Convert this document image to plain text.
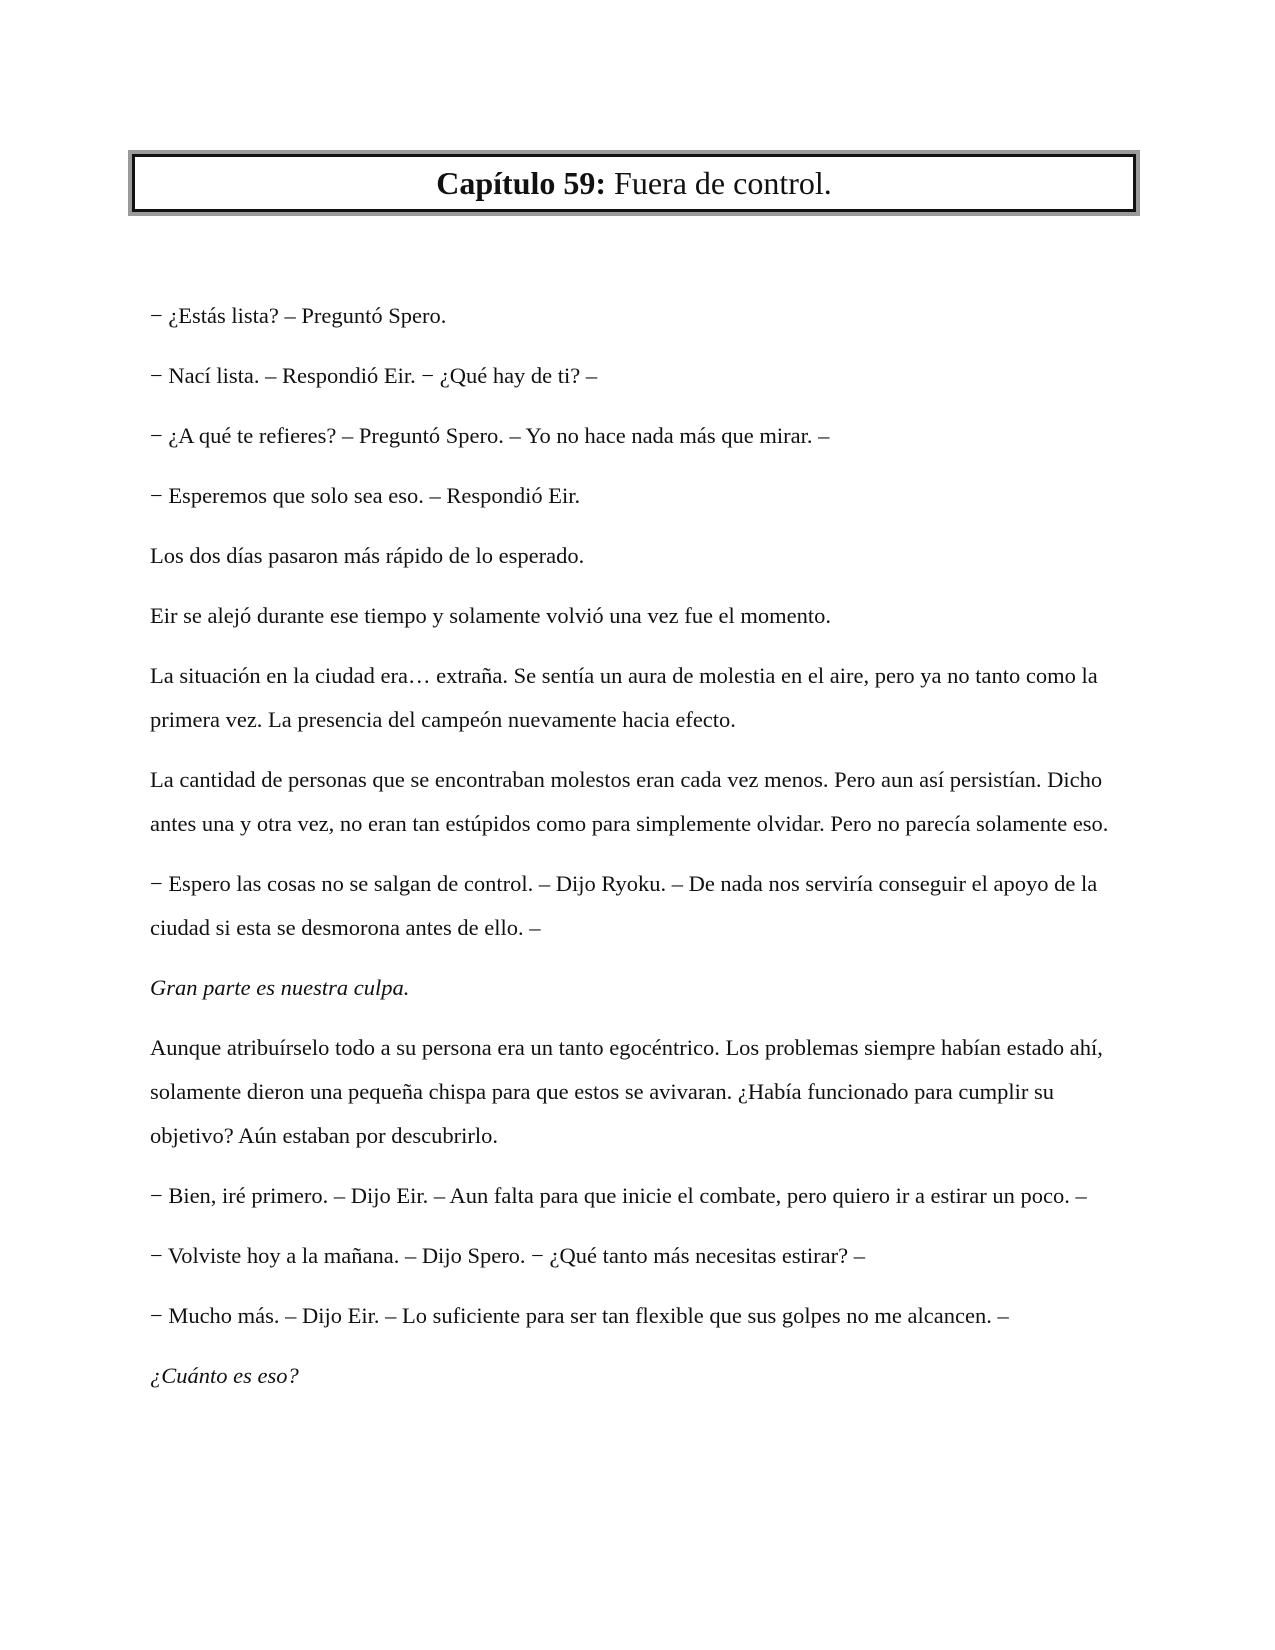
Capítulo 59: Fuera de control.

− ¿Estás lista? – Preguntó Spero.

− Nací lista. – Respondió Eir. − ¿Qué hay de ti? –

− ¿A qué te refieres? – Preguntó Spero. – Yo no hace nada más que mirar. –

− Esperemos que solo sea eso. – Respondió Eir.

Los dos días pasaron más rápido de lo esperado.

Eir se alejó durante ese tiempo y solamente volvió una vez fue el momento.

La situación en la ciudad era… extraña. Se sentía un aura de molestia en el aire, pero ya no tanto como la primera vez. La presencia del campeón nuevamente hacia efecto.

La cantidad de personas que se encontraban molestos eran cada vez menos. Pero aun así persistían. Dicho antes una y otra vez, no eran tan estúpidos como para simplemente olvidar. Pero no parecía solamente eso.

− Espero las cosas no se salgan de control. – Dijo Ryoku. – De nada nos serviría conseguir el apoyo de la ciudad si esta se desmorona antes de ello. –

Gran parte es nuestra culpa.

Aunque atribuírselo todo a su persona era un tanto egocéntrico. Los problemas siempre habían estado ahí, solamente dieron una pequeña chispa para que estos se avivaran. ¿Había funcionado para cumplir su objetivo? Aún estaban por descubrirlo.

− Bien, iré primero. – Dijo Eir. – Aun falta para que inicie el combate, pero quiero ir a estirar un poco. –

− Volviste hoy a la mañana. – Dijo Spero. − ¿Qué tanto más necesitas estirar? –

− Mucho más. – Dijo Eir. – Lo suficiente para ser tan flexible que sus golpes no me alcancen. –

¿Cuánto es eso?
